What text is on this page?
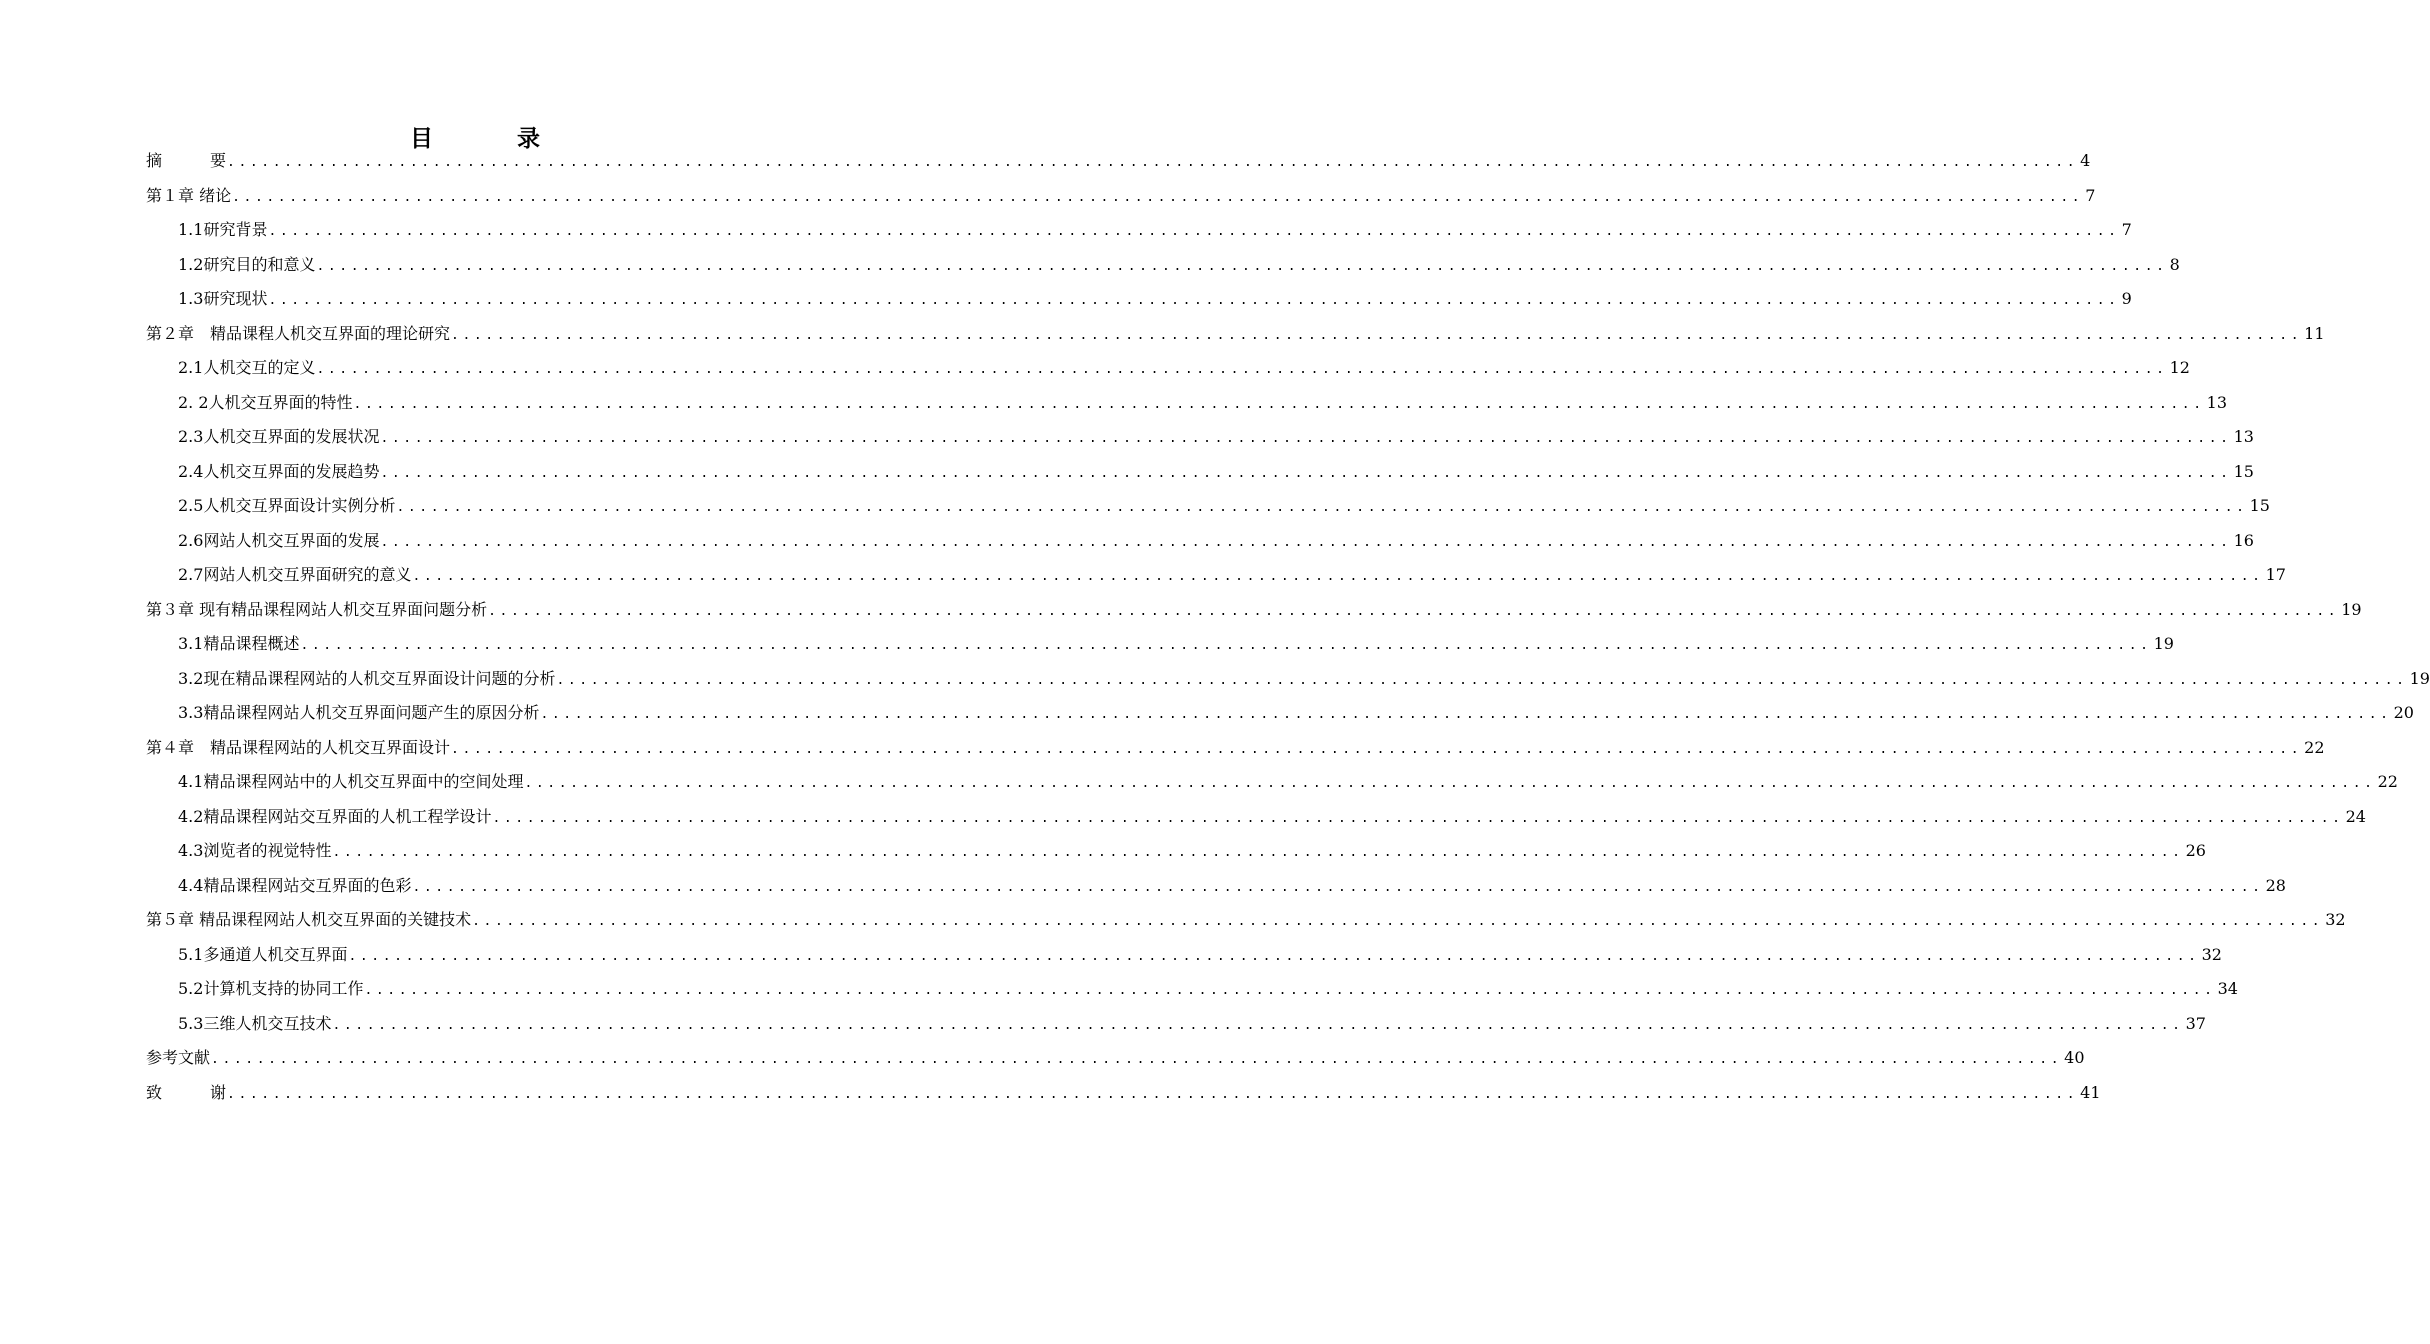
目 录
摘　　　要 .................................................................................................................................................................. 4
第１章 绪论 .................................................................................................................................................................. 7
1.1研究背景 .................................................................................................................................................................. 7
1.2研究目的和意义 .................................................................................................................................................................. 8
1.3研究现状 .................................................................................................................................................................. 9
第２章　精品课程人机交互界面的理论研究 .................................................................................................................................................................. 11
2.1人机交互的定义 .................................................................................................................................................................. 12
2. 2人机交互界面的特性 .................................................................................................................................................................. 13
2.3人机交互界面的发展状况 .................................................................................................................................................................. 13
2.4人机交互界面的发展趋势 .................................................................................................................................................................. 15
2.5人机交互界面设计实例分析 .................................................................................................................................................................. 15
2.6网站人机交互界面的发展 .................................................................................................................................................................. 16
2.7网站人机交互界面研究的意义 .................................................................................................................................................................. 17
第３章 现有精品课程网站人机交互界面问题分析 .................................................................................................................................................................. 19
3.1精品课程概述 .................................................................................................................................................................. 19
3.2现在精品课程网站的人机交互界面设计问题的分析 .................................................................................................................................................................. 19
3.3精品课程网站人机交互界面问题产生的原因分析 .................................................................................................................................................................. 20
第４章　精品课程网站的人机交互界面设计 .................................................................................................................................................................. 22
4.1精品课程网站中的人机交互界面中的空间处理 .................................................................................................................................................................. 22
4.2精品课程网站交互界面的人机工程学设计 .................................................................................................................................................................. 24
4.3浏览者的视觉特性 .................................................................................................................................................................. 26
4.4精品课程网站交互界面的色彩 .................................................................................................................................................................. 28
第５章 精品课程网站人机交互界面的关键技术 .................................................................................................................................................................. 32
5.1多通道人机交互界面 .................................................................................................................................................................. 32
5.2计算机支持的协同工作 .................................................................................................................................................................. 34
5.3三维人机交互技术 .................................................................................................................................................................. 37
参考文献 .................................................................................................................................................................. 40
致　　　谢 .................................................................................................................................................................. 41
